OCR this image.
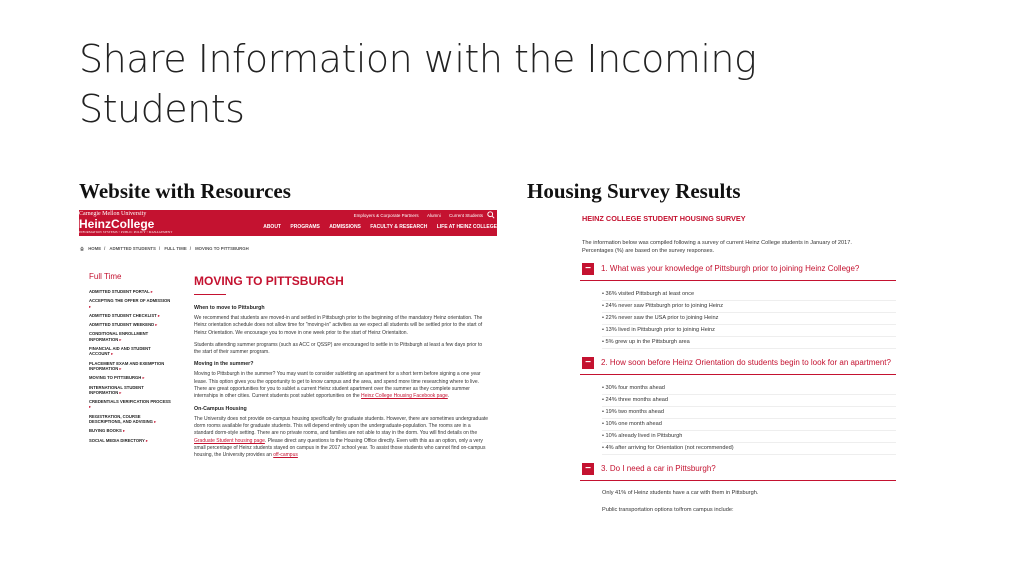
Share Information with the Incoming
Students
Website with Resources	Housing Survey Results
Carnegie Mellon University
HeinzCollege
INFORMATION SYSTEMS • PUBLIC POLICY • MANAGEMENT
Employers & Corporate Partners Alumni Current Students
ABOUT PROGRAMS ADMISSIONS FACULTY & RESEARCH LIFE AT HEINZ COLLEGE
HOME / ADMITTED STUDENTS / FULL TIME / MOVING TO PITTSBURGH
Full Time
ADMITTED STUDENT PORTAL ▸
ACCEPTING THE OFFER OF ADMISSION ▸
ADMITTED STUDENT CHECKLIST ▸
ADMITTED STUDENT WEEKEND ▸
CONDITIONAL ENROLLMENT INFORMATION ▸
FINANCIAL AID AND STUDENT ACCOUNT ▸
PLACEMENT EXAM AND EXEMPTION INFORMATION ▸
MOVING TO PITTSBURGH ▸
INTERNATIONAL STUDENT INFORMATION ▸
CREDENTIALS VERIFICATION PROCESS ▸
REGISTRATION, COURSE DESCRIPTIONS, AND ADVISING ▸
BUYING BOOKS ▸
SOCIAL MEDIA DIRECTORY ▸
MOVING TO PITTSBURGH
When to move to Pittsburgh

We recommend that students are moved-in and settled in Pittsburgh prior to the beginning of the mandatory Heinz orientation. The Heinz orientation schedule does not allow time for "moving-in" activities as we expect all students will be settled prior to the start of Heinz Orientation. We encourage you to move in one week prior to the start of Heinz Orientaiton.

Students attending summer programs (such as ACC or QSSP) are encouraged to settle in to Pittsburgh at least a few days prior to the start of their summer program.

Moving in the summer?

Moving to Pittsburgh in the summer? You may want to consider subletting an apartment for a short term before signing a one year lease. This option gives you the opportunity to get to know campus and the area, and spend more time researching where to live. There are great opportunities for you to sublet a current Heinz student apartment over the summer as they complete summer internships in other cities. Current students post sublet opportunities on the Heinz College Housing Facebook page.

On-Campus Housing

The University does not provide on-campus housing specifically for graduate students. However, there are sometimes undergraduate dorm rooms available for graduate students. This will depend entirely upon the undergraduate-population. The rooms are in a standard dorm-style setting. There are no private rooms, and families are not able to stay in the dorm. You will find details on the Graduate Student housing page. Please direct any questions to the Housing Office directly. Even with this as an option, only a very small percentage of Heinz students stayed on campus in the 2017 school year. To assist those students who cannot find on-campus housing, the University provides an off-campus

HEINZ COLLEGE STUDENT HOUSING SURVEY
The information below was compiled following a survey of current Heinz College students in January of 2017. Percentages (%) are based on the survey responses.
−	1. What was your knowledge of Pittsburgh prior to joining Heinz College?
• 36% visited Pittsburgh at least once
• 24% never saw Pittsburgh prior to joining Heinz
• 22% never saw the USA prior to joining Heinz
• 13% lived in Pittsburgh prior to joining Heinz
• 5% grew up in the Pittsburgh area
−	2. How soon before Heinz Orientation do students begin to look for an apartment?
• 30% four months ahead
• 24% three months ahead
• 19% two months ahead
• 10% one month ahead
• 10% already lived in Pittsburgh
• 4% after arriving for Orientation (not recommended)
−	3. Do I need a car in Pittsburgh?

Only 41% of Heinz students have a car with them in Pittsburgh.

Public transportation options to/from campus include:
